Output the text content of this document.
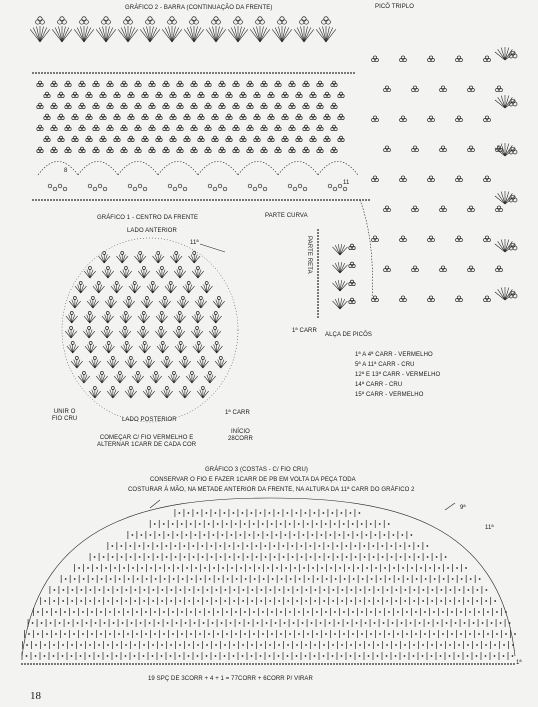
GRÁFICO 2 - BARRA (CONTINUAÇÃO DA FRENTE)	PICÔ TRIPLO
8
11
PARTE CURVA
PARTE RETA
1ª CARR
ALÇA DE PICÔS
1ª A 4ª CARR - VERMELHO
5ª A 11ª CARR - CRU
12ª E 13ª CARR - VERMELHO
14ª CARR - CRU
15ª CARR - VERMELHO
GRÁFICO 1 - CENTRO DA FRENTE
LADO ANTERIOR
11ª
UNIR O
FIO CRU	LADO POSTERIOR
1ª CARR
INÍCIO
28CORR
COMEÇAR C/ FIO VERMELHO E
ALTERNAR 1CARR DE CADA COR
GRÁFICO 3 (COSTAS - C/ FIO CRU)
CONSERVAR O FIO E FAZER 1CARR DE PB EM VOLTA DA PEÇA TODA
COSTURAR À MÃO, NA METADE ANTERIOR DA FRENTE, NA ALTURA DA 11ª CARR DO GRÁFICO 2
9ª
11ª
1ª
19 SPÇ DE 3CORR + 4 + 1 = 77CORR + 6CORR P/ VIRAR
18
